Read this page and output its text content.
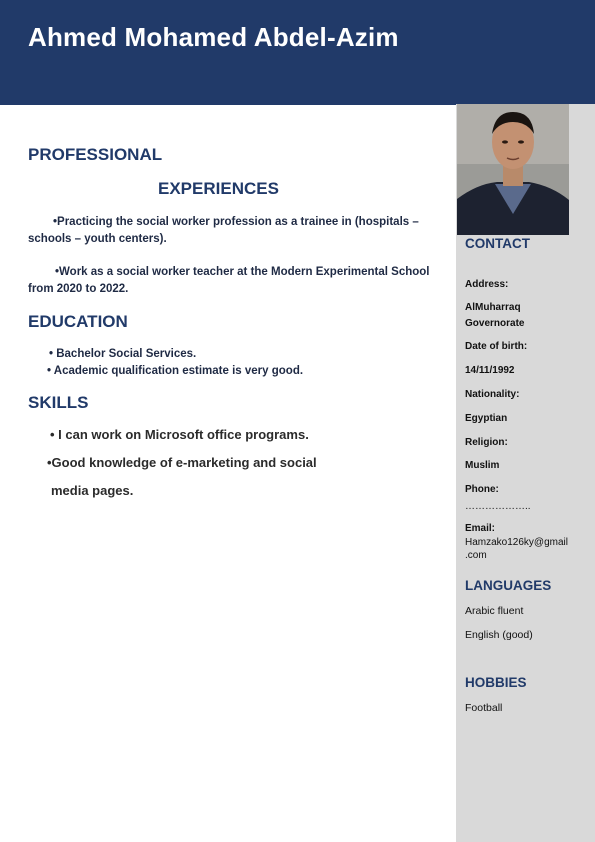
Ahmed Mohamed Abdel-Azim
PROFESSIONAL
EXPERIENCES
•Practicing the social worker profession as a trainee in (hospitals – schools – youth centers).
•Work as a social worker teacher at the Modern Experimental School from 2020 to 2022.
EDUCATION
• Bachelor Social Services.
• Academic qualification estimate is very good.
SKILLS
• I can work on Microsoft office programs.
•Good knowledge of e-marketing and social
media pages.
CONTACT
Address:
AlMuharraq
Governorate
Date of birth:
14/11/1992
Nationality:
Egyptian
Religion:
Muslim
Phone:
………………..
Email:
Hamzako126ky@gmail
.com
LANGUAGES
Arabic fluent
English (good)
HOBBIES
Football
